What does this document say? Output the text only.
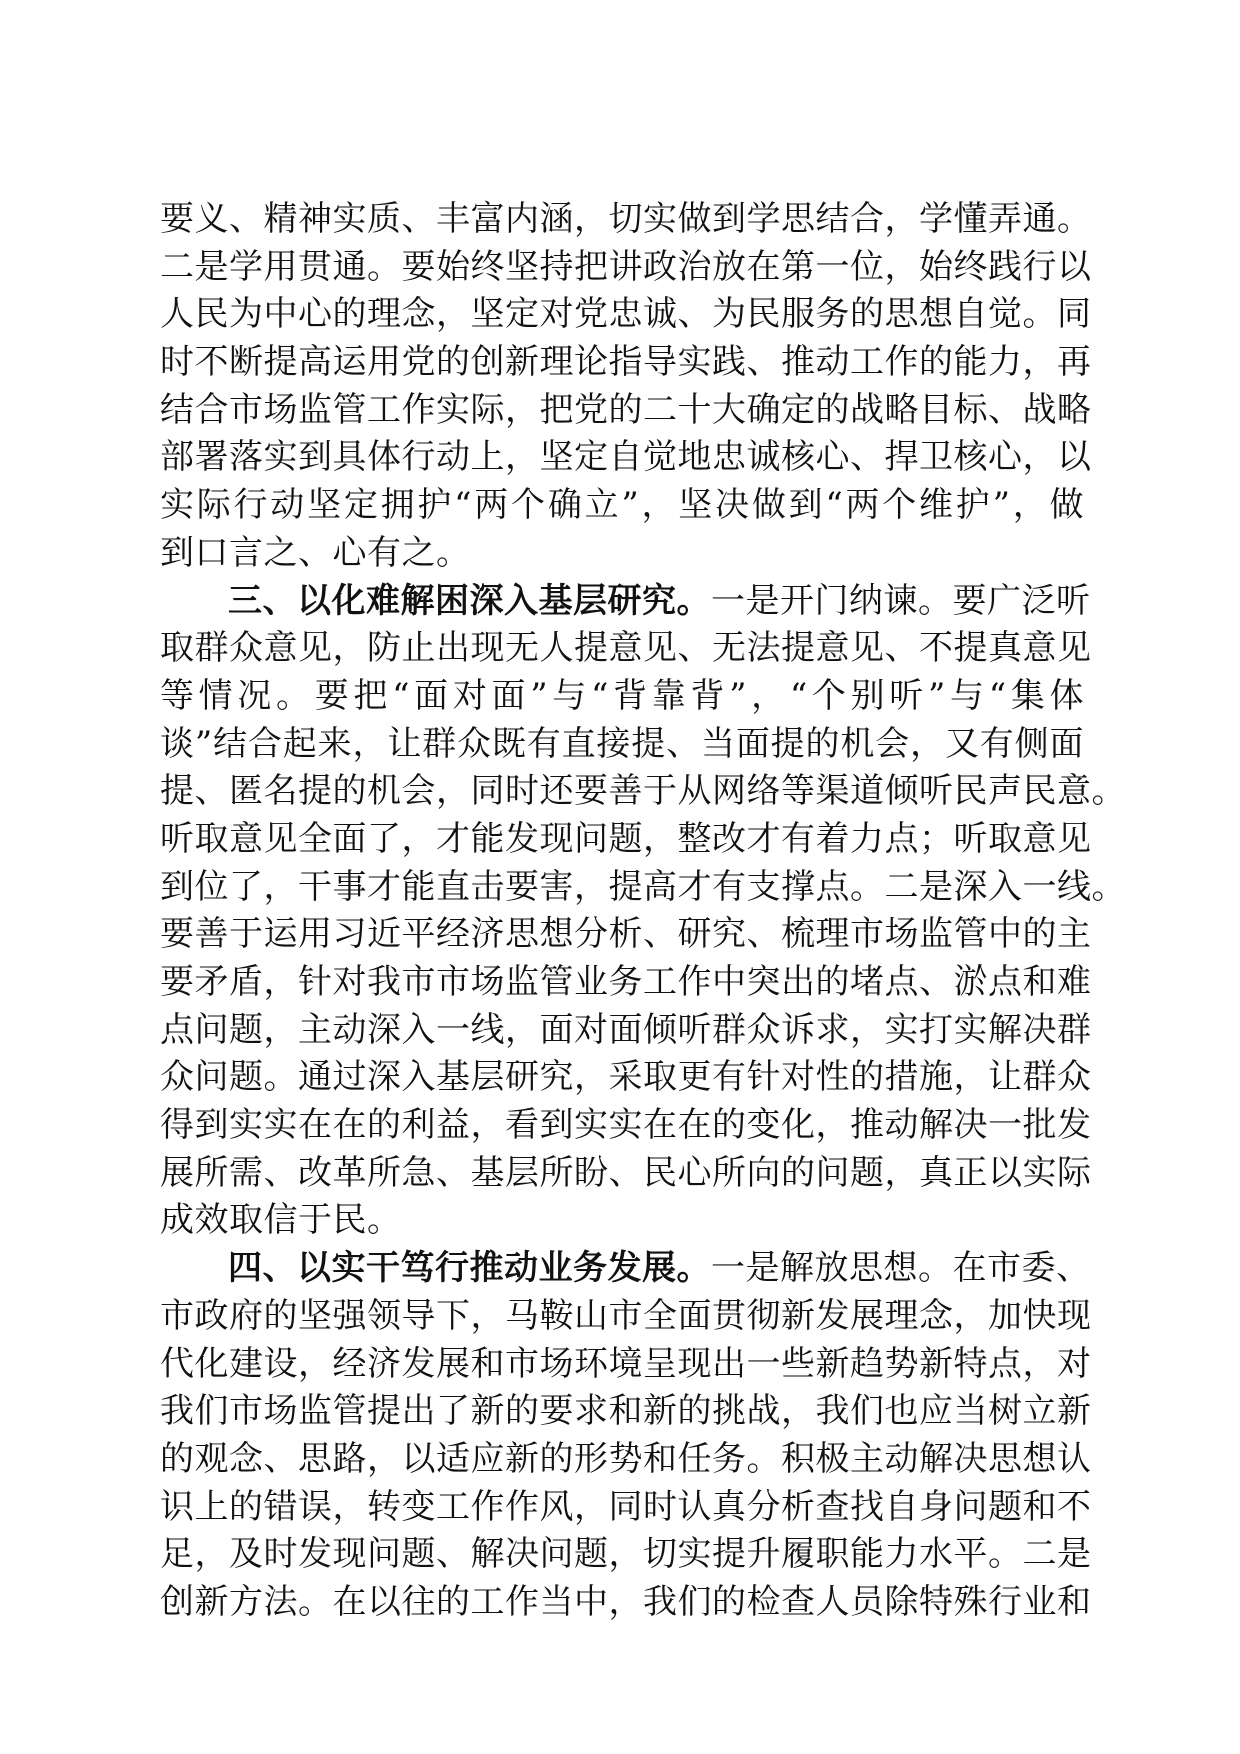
要义、精神实质、丰富内涵，切实做到学思结合，学懂弄通。
二是学用贯通。要始终坚持把讲政治放在第一位，始终践行以
人民为中心的理念，坚定对党忠诚、为民服务的思想自觉。同
时不断提高运用党的创新理论指导实践、推动工作的能力，再
结合市场监管工作实际，把党的二十大确定的战略目标、战略
部署落实到具体行动上，坚定自觉地忠诚核心、捍卫核心，以
实际行动坚定拥护“两个确立”，坚决做到“两个维护”，做
到口言之、心有之。
三、以化难解困深入基层研究。一是开门纳谏。要广泛听
取群众意见，防止出现无人提意见、无法提意见、不提真意见
等情况。要把“面对面”与“背靠背”，“个别听”与“集体
谈”结合起来，让群众既有直接提、当面提的机会，又有侧面
提、匿名提的机会，同时还要善于从网络等渠道倾听民声民意。
听取意见全面了，才能发现问题，整改才有着力点；听取意见
到位了，干事才能直击要害，提高才有支撑点。二是深入一线。
要善于运用习近平经济思想分析、研究、梳理市场监管中的主
要矛盾，针对我市市场监管业务工作中突出的堵点、淤点和难
点问题，主动深入一线，面对面倾听群众诉求，实打实解决群
众问题。通过深入基层研究，采取更有针对性的措施，让群众
得到实实在在的利益，看到实实在在的变化，推动解决一批发
展所需、改革所急、基层所盼、民心所向的问题，真正以实际
成效取信于民。
四、以实干笃行推动业务发展。一是解放思想。在市委、
市政府的坚强领导下，马鞍山市全面贯彻新发展理念，加快现
代化建设，经济发展和市场环境呈现出一些新趋势新特点，对
我们市场监管提出了新的要求和新的挑战，我们也应当树立新
的观念、思路，以适应新的形势和任务。积极主动解决思想认
识上的错误，转变工作作风，同时认真分析查找自身问题和不
足，及时发现问题、解决问题，切实提升履职能力水平。二是
创新方法。在以往的工作当中，我们的检查人员除特殊行业和
